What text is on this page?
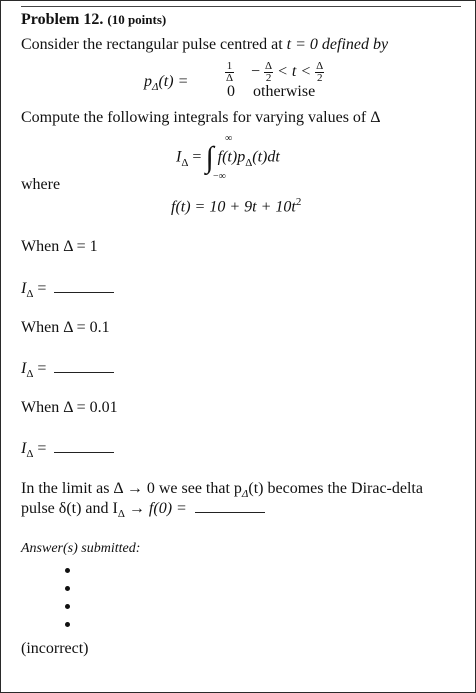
Problem 12. (10 points)
Consider the rectangular pulse centred at t = 0 defined by
$p_\Delta(t)$ =	$\frac{1}{\Delta}$
0
− $\frac{\Delta}{2} < t < \frac{\Delta}{2}$
otherwise
Compute the following integrals for varying values of Δ
$I_\Delta$ = ∫ $f(t)p_\Delta(t)dt$
∞
−∞
where
$f(t) = 10 + 9t + 10t^2$
When Δ = 1
$I_\Delta$ =
When Δ = 0.1
$I_\Delta$ =
When Δ = 0.01
$I_\Delta$ =
In the limit as Δ → 0 we see that $p_\Delta(t)$ becomes the Dirac-delta
pulse δ(t) and $I_\Delta \to f(0)$ =
Answer(s) submitted:
(incorrect)
